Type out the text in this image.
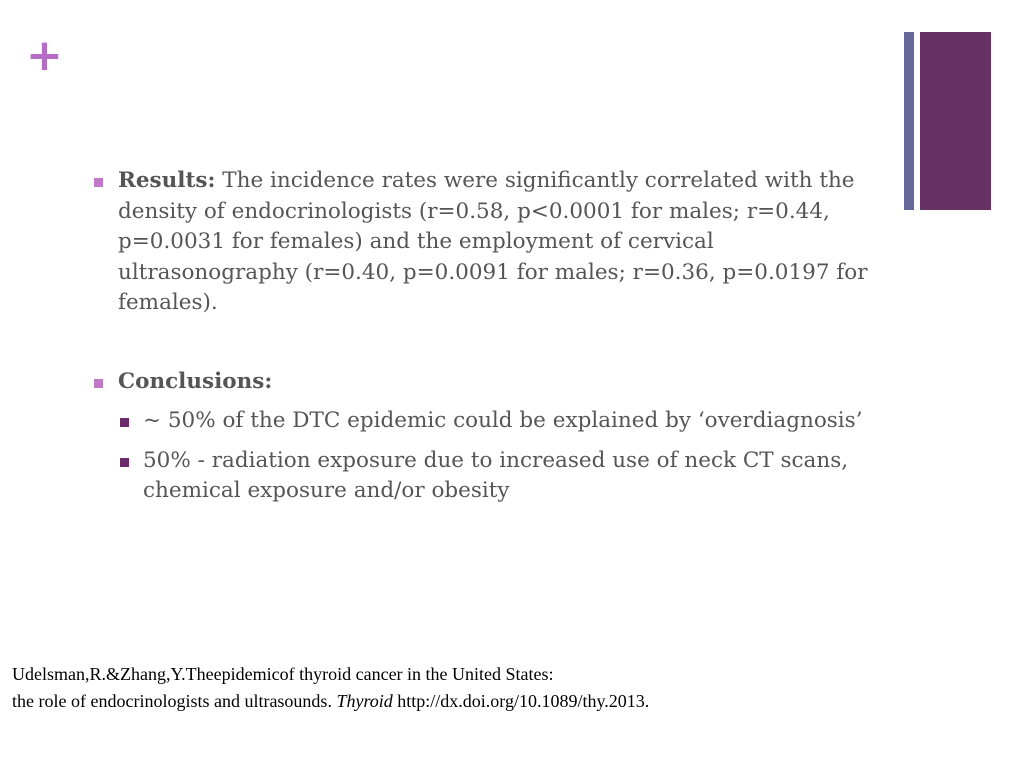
+
Results: The incidence rates were significantly correlated with the density of endocrinologists (r=0.58, p<0.0001 for males; r=0.44, p=0.0031 for females) and the employment of cervical ultrasonography (r=0.40, p=0.0091 for males; r=0.36, p=0.0197 for females).
Conclusions:
~ 50% of the DTC epidemic could be explained by ‘overdiagnosis’
50% - radiation exposure due to increased use of neck CT scans, chemical exposure and/or obesity
Udelsman,R.&Zhang,Y.Theepidemicof thyroid cancer in the United States:
the role of endocrinologists and ultrasounds. Thyroid http://dx.doi.org/10.1089/thy.2013.
